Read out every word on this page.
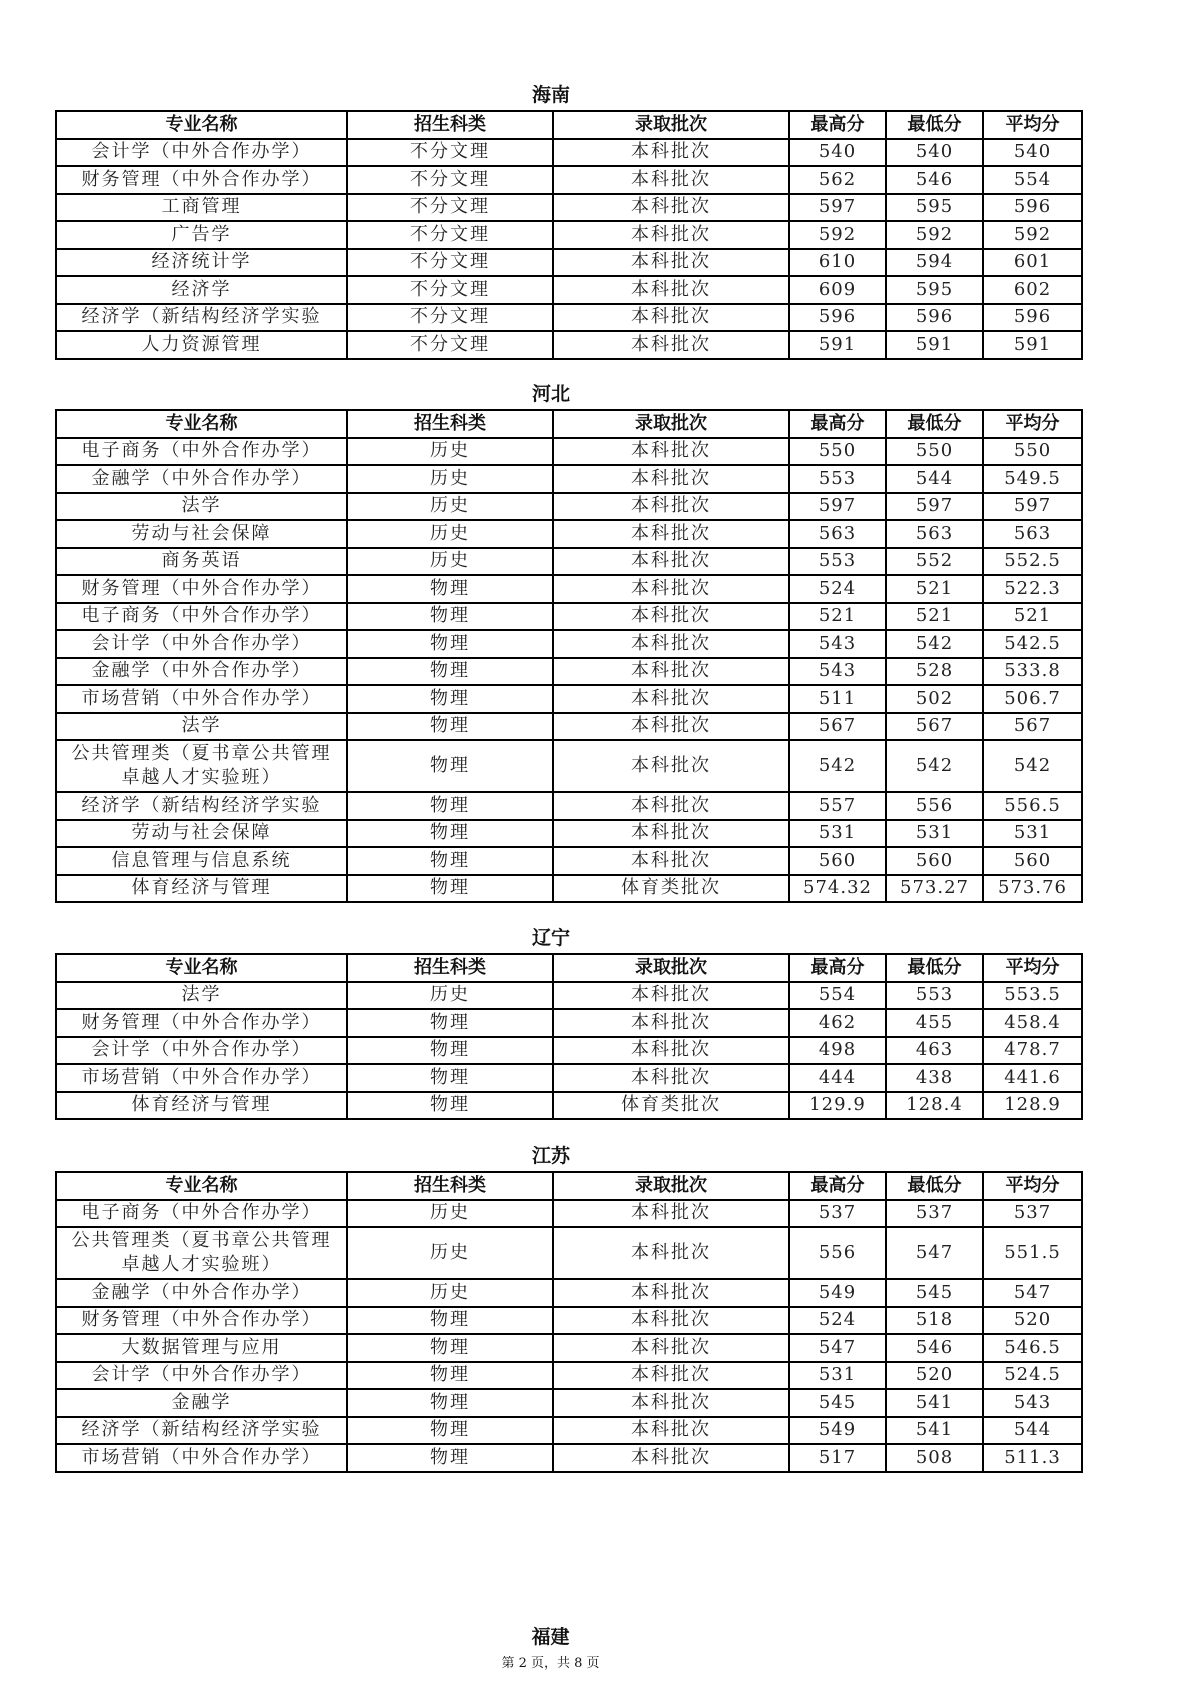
海南
专业名称	招生科类	录取批次	最高分	最低分	平均分
会计学（中外合作办学）	不分文理	本科批次	540	540	540
财务管理（中外合作办学）	不分文理	本科批次	562	546	554
工商管理	不分文理	本科批次	597	595	596
广告学	不分文理	本科批次	592	592	592
经济统计学	不分文理	本科批次	610	594	601
经济学	不分文理	本科批次	609	595	602
经济学（新结构经济学实验	不分文理	本科批次	596	596	596
人力资源管理	不分文理	本科批次	591	591	591
河北
专业名称	招生科类	录取批次	最高分	最低分	平均分
电子商务（中外合作办学）	历史	本科批次	550	550	550
金融学（中外合作办学）	历史	本科批次	553	544	549.5
法学	历史	本科批次	597	597	597
劳动与社会保障	历史	本科批次	563	563	563
商务英语	历史	本科批次	553	552	552.5
财务管理（中外合作办学）	物理	本科批次	524	521	522.3
电子商务（中外合作办学）	物理	本科批次	521	521	521
会计学（中外合作办学）	物理	本科批次	543	542	542.5
金融学（中外合作办学）	物理	本科批次	543	528	533.8
市场营销（中外合作办学）	物理	本科批次	511	502	506.7
法学	物理	本科批次	567	567	567

公共管理类（夏书章公共管理
卓越人才实验班）	物理	本科批次	542	542	542
经济学（新结构经济学实验	物理	本科批次	557	556	556.5
劳动与社会保障	物理	本科批次	531	531	531
信息管理与信息系统	物理	本科批次	560	560	560
体育经济与管理	物理	体育类批次	574.32	573.27	573.76
辽宁
专业名称	招生科类	录取批次	最高分	最低分	平均分
法学	历史	本科批次	554	553	553.5
财务管理（中外合作办学）	物理	本科批次	462	455	458.4
会计学（中外合作办学）	物理	本科批次	498	463	478.7
市场营销（中外合作办学）	物理	本科批次	444	438	441.6
体育经济与管理	物理	体育类批次	129.9	128.4	128.9
江苏
专业名称	招生科类	录取批次	最高分	最低分	平均分
电子商务（中外合作办学）	历史	本科批次	537	537	537

公共管理类（夏书章公共管理
卓越人才实验班）	历史	本科批次	556	547	551.5
金融学（中外合作办学）	历史	本科批次	549	545	547
财务管理（中外合作办学）	物理	本科批次	524	518	520
大数据管理与应用	物理	本科批次	547	546	546.5
会计学（中外合作办学）	物理	本科批次	531	520	524.5
金融学	物理	本科批次	545	541	543
经济学（新结构经济学实验	物理	本科批次	549	541	544
市场营销（中外合作办学）	物理	本科批次	517	508	511.3
福建
第 2 页，共 8 页
